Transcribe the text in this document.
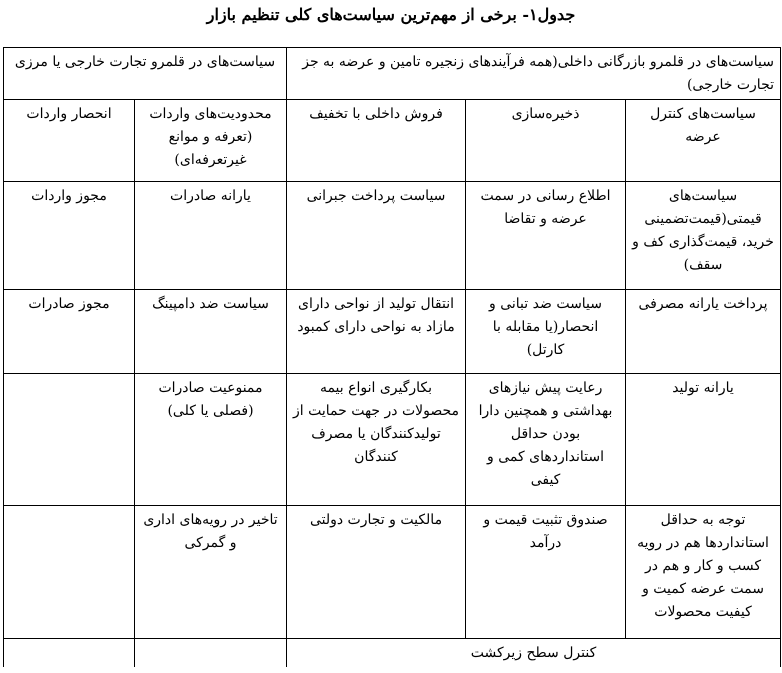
جدول۱- برخی از مهم‌ترین سیاست‌های کلی تنظیم بازار
سیاست‌های در قلمرو بازرگانی داخلی(همه فرآیندهای زنجیره تامین و عرضه به جز تجارت خارجی)			سیاست‌های در قلمرو تجارت خارجی یا مرزی	
سیاست‌های کنترل عرضه	ذخیره‌سازی	فروش داخلی با تخفیف	محدودیت‌های واردات (تعرفه و موانع غیرتعرفه‌ای)	انحصار واردات
سیاست‌های قیمتی(قیمت‌تضمینی خرید، قیمت‌گذاری کف و سقف)	اطلاع رسانی در سمت عرضه و تقاضا	سیاست پرداخت جبرانی	یارانه صادرات	مجوز واردات
پرداخت یارانه مصرفی	سیاست ضد تبانی و انحصار(یا مقابله با کارتل)	انتقال تولید از نواحی دارای مازاد به نواحی دارای کمبود	سیاست ضد دامپینگ	مجوز صادرات
یارانه تولید	رعایت پیش نیازهای بهداشتی و همچنین دارا بودن حداقل استانداردهای کمی و کیفی	بکارگیری انواع بیمه محصولات در جهت حمایت از تولیدکنندگان یا مصرف کنندگان	ممنوعیت صادرات (فصلی یا کلی)	
توجه به حداقل استانداردها هم در رویه کسب و کار و هم در سمت عرضه کمیت و کیفیت محصولات	صندوق تثبیت قیمت و درآمد	مالکیت و تجارت دولتی	تاخیر در رویه‌های اداری و گمرکی	
کنترل سطح زیرکشت				
